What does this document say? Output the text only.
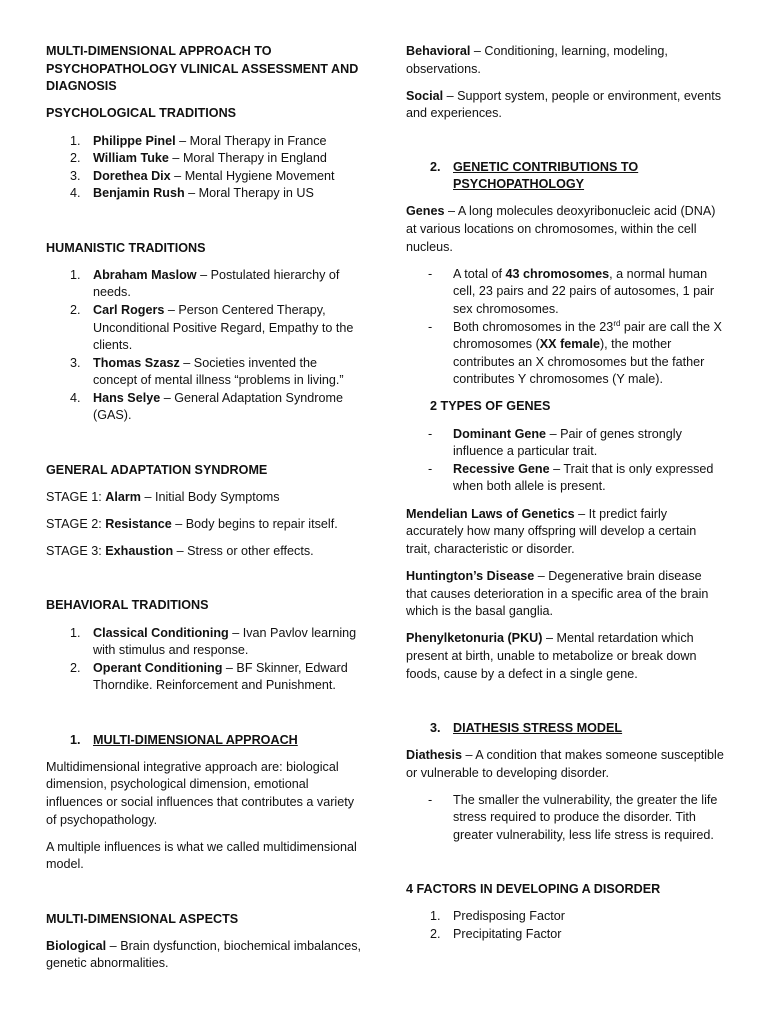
MULTI-DIMENSIONAL APPROACH TO PSYCHOPATHOLOGY VLINICAL ASSESSMENT AND DIAGNOSIS

PSYCHOLOGICAL TRADITIONS

1. Philippe Pinel – Moral Therapy in France
2. William Tuke – Moral Therapy in England
3. Dorethea Dix – Mental Hygiene Movement
4. Benjamin Rush – Moral Therapy in US

HUMANISTIC TRADITIONS

1. Abraham Maslow – Postulated hierarchy of needs.
2. Carl Rogers – Person Centered Therapy, Unconditional Positive Regard, Empathy to the clients.
3. Thomas Szasz – Societies invented the concept of mental illness “problems in living.”
4. Hans Selye – General Adaptation Syndrome (GAS).

GENERAL ADAPTATION SYNDROME

STAGE 1: Alarm – Initial Body Symptoms

STAGE 2: Resistance – Body begins to repair itself.

STAGE 3: Exhaustion – Stress or other effects.

BEHAVIORAL TRADITIONS

1. Classical Conditioning – Ivan Pavlov learning with stimulus and response.
2. Operant Conditioning – BF Skinner, Edward Thorndike. Reinforcement and Punishment.
1. MULTI-DIMENSIONAL APPROACH

Multidimensional integrative approach are: biological dimension, psychological dimension, emotional influences or social influences that contributes a variety of psychopathology.

A multiple influences is what we called multidimensional model.

MULTI-DIMENSIONAL ASPECTS

Biological – Brain dysfunction, biochemical imbalances, genetic abnormalities.

Behavioral – Conditioning, learning, modeling, observations.

Social – Support system, people or environment, events and experiences.

2. GENETIC CONTRIBUTIONS TO PSYCHOPATHOLOGY

Genes – A long molecules deoxyribonucleic acid (DNA) at various locations on chromosomes, within the cell nucleus.

- A total of 43 chromosomes, a normal human cell, 23 pairs and 22 pairs of autosomes, 1 pair sex chromosomes.
- Both chromosomes in the 23rd pair are call the X chromosomes (XX female), the mother contributes an X chromosomes but the father contributes Y chromosomes (Y male).

2 TYPES OF GENES

- Dominant Gene – Pair of genes strongly influence a particular trait.
- Recessive Gene – Trait that is only expressed when both allele is present.

Mendelian Laws of Genetics – It predict fairly accurately how many offspring will develop a certain trait, characteristic or disorder.

Huntington’s Disease – Degenerative brain disease that causes deterioration in a specific area of the brain which is the basal ganglia.

Phenylketonuria (PKU) – Mental retardation which present at birth, unable to metabolize or break down foods, cause by a defect in a single gene.

3. DIATHESIS STRESS MODEL

Diathesis – A condition that makes someone susceptible or vulnerable to developing disorder.

- The smaller the vulnerability, the greater the life stress required to produce the disorder. Tith greater vulnerability, less life stress is required.

4 FACTORS IN DEVELOPING A DISORDER

1. Predisposing Factor
2. Precipitating Factor
